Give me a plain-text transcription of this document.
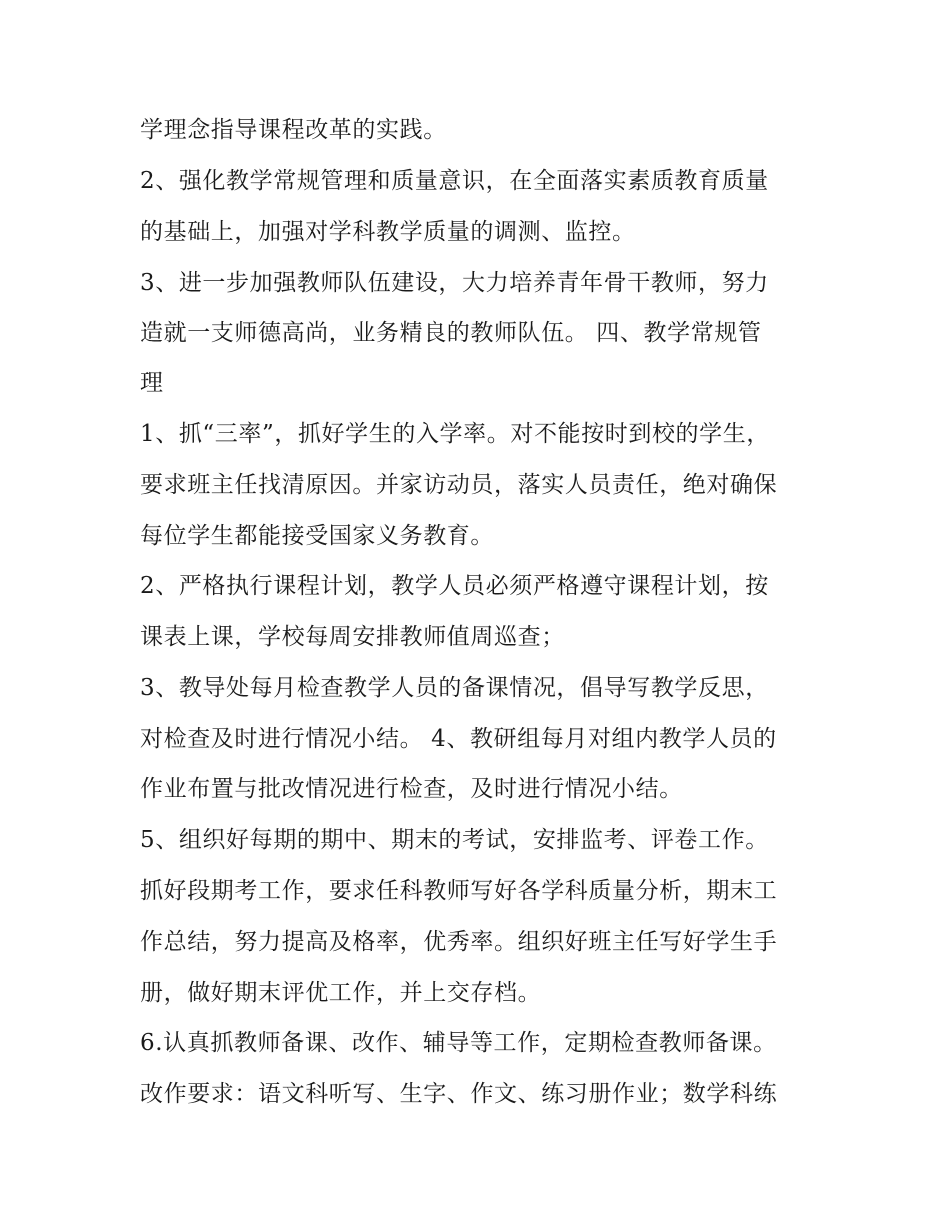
学理念指导课程改革的实践。
2、强化教学常规管理和质量意识，在全面落实素质教育质量
的基础上，加强对学科教学质量的调测、监控。
3、进一步加强教师队伍建设，大力培养青年骨干教师，努力
造就一支师德高尚，业务精良的教师队伍。 四、教学常规管
理
1、抓“三率”，抓好学生的入学率。对不能按时到校的学生，
要求班主任找清原因。并家访动员，落实人员责任，绝对确保
每位学生都能接受国家义务教育。
2、严格执行课程计划，教学人员必须严格遵守课程计划，按
课表上课，学校每周安排教师值周巡查；
3、教导处每月检查教学人员的备课情况，倡导写教学反思，
对检查及时进行情况小结。 4、教研组每月对组内教学人员的
作业布置与批改情况进行检查，及时进行情况小结。
5、组织好每期的期中、期末的考试，安排监考、评卷工作。
抓好段期考工作，要求任科教师写好各学科质量分析，期末工
作总结，努力提高及格率，优秀率。组织好班主任写好学生手
册，做好期末评优工作，并上交存档。
6.认真抓教师备课、改作、辅导等工作，定期检查教师备课。
改作要求：语文科听写、生字、作文、练习册作业；数学科练
